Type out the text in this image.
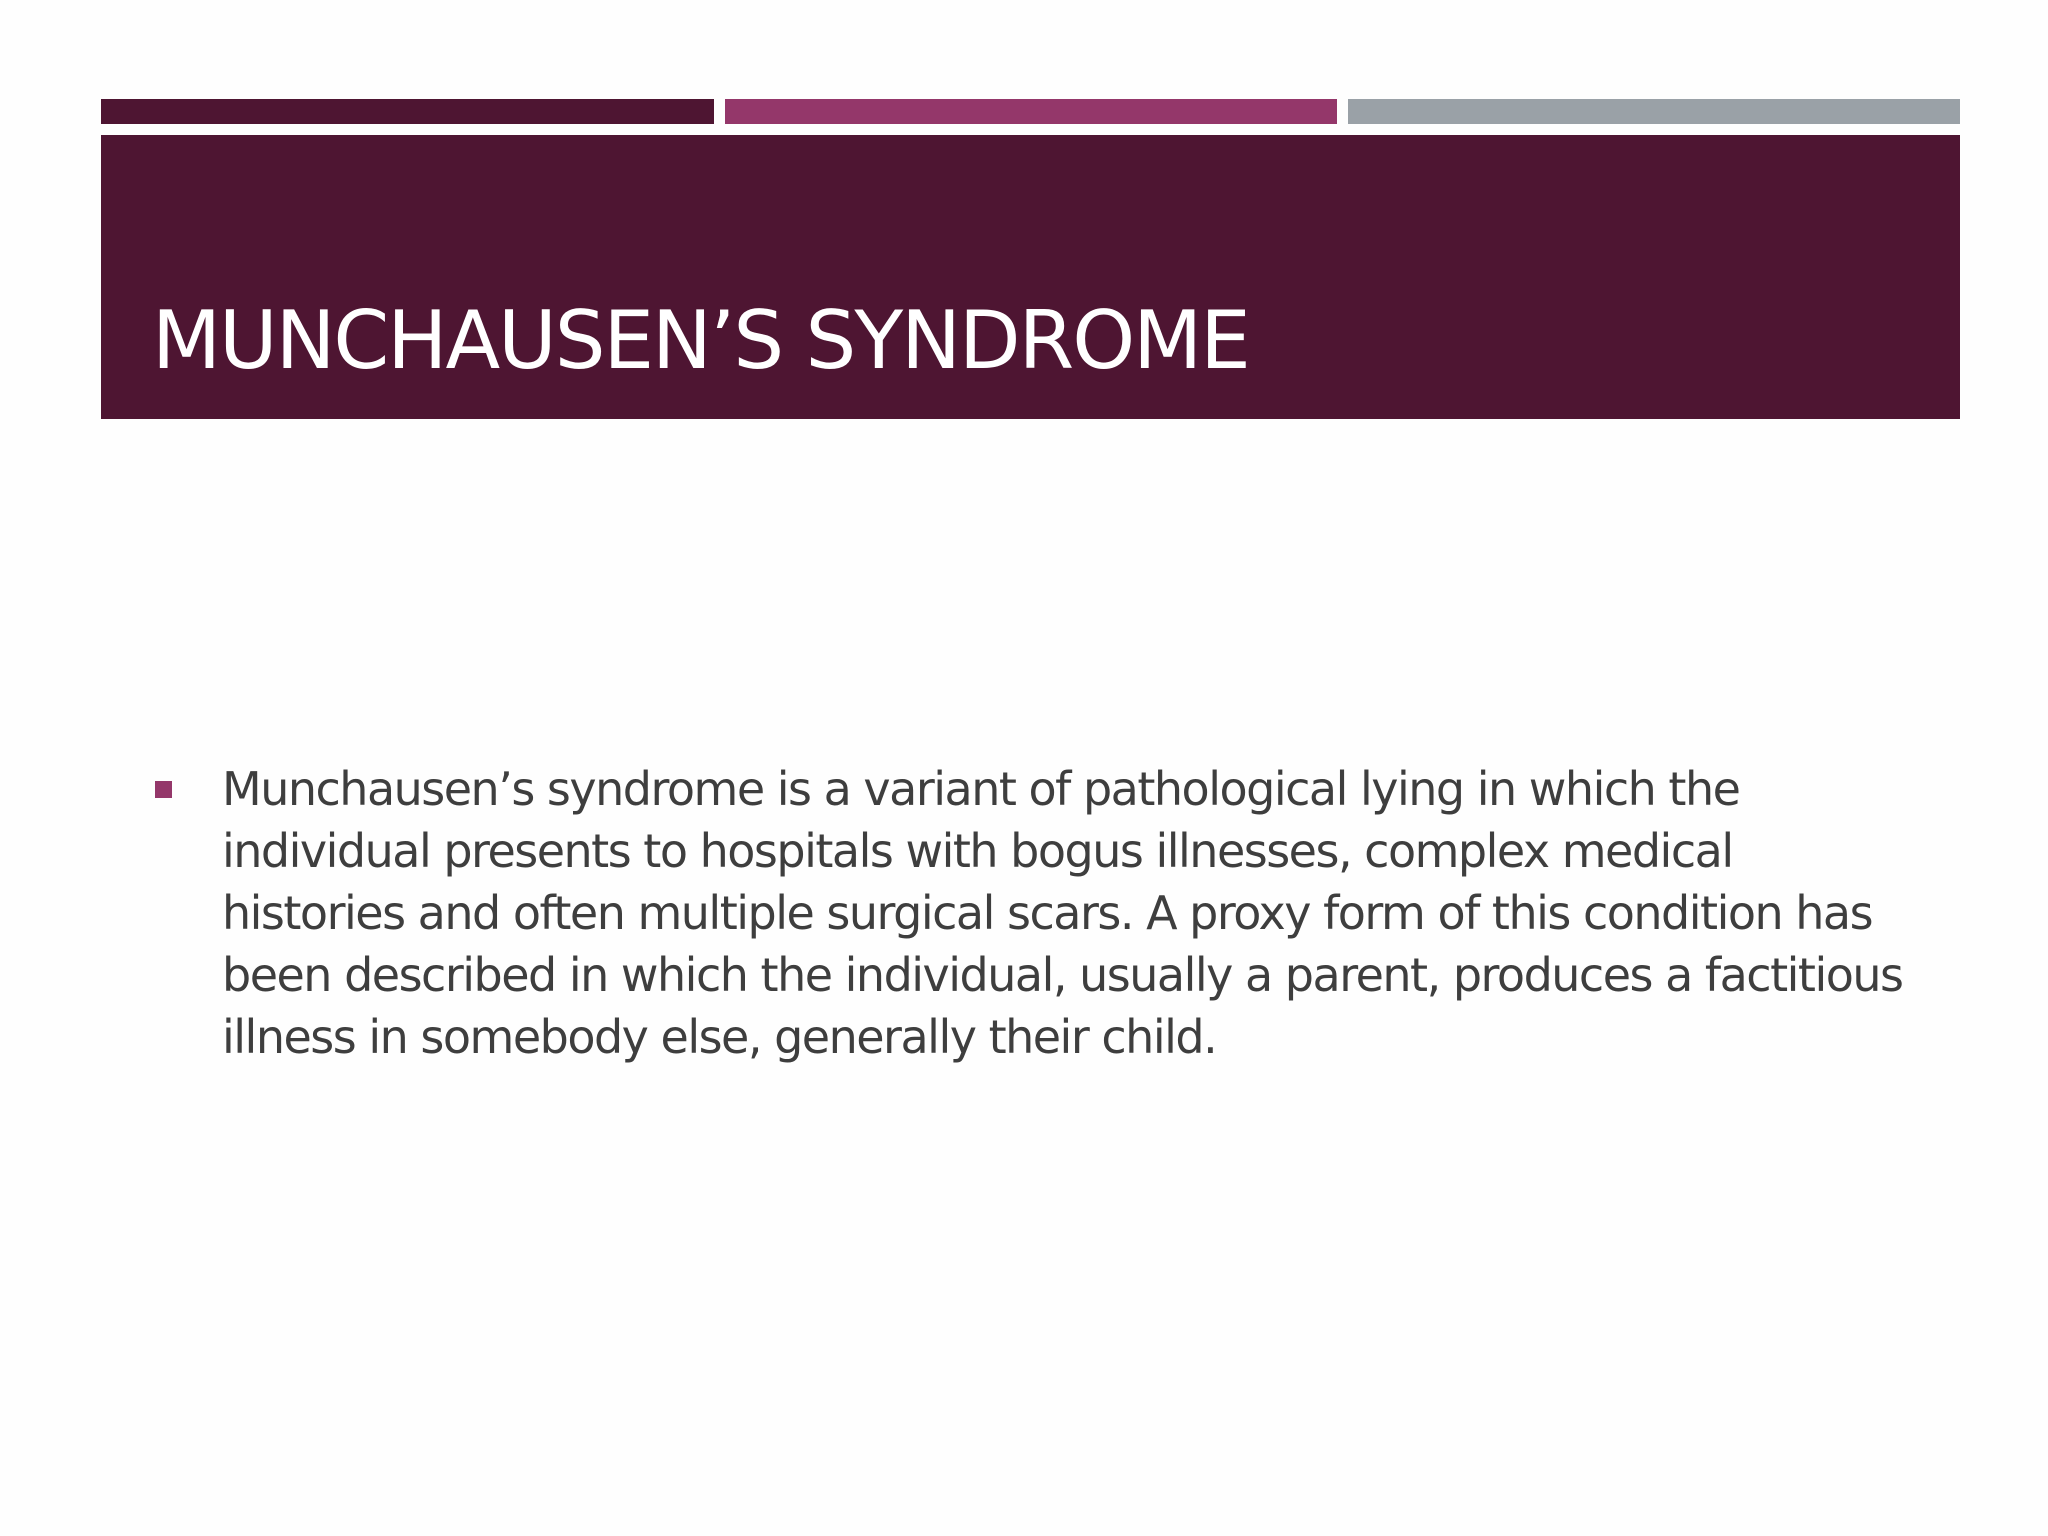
MUNCHAUSEN’S SYNDROME
Munchausen’s syndrome is a variant of pathological lying in which the individual presents to hospitals with bogus illnesses, complex medical histories and often multiple surgical scars. A proxy form of this condition has been described in which the individual, usually a parent, produces a factitious illness in somebody else, generally their child.
